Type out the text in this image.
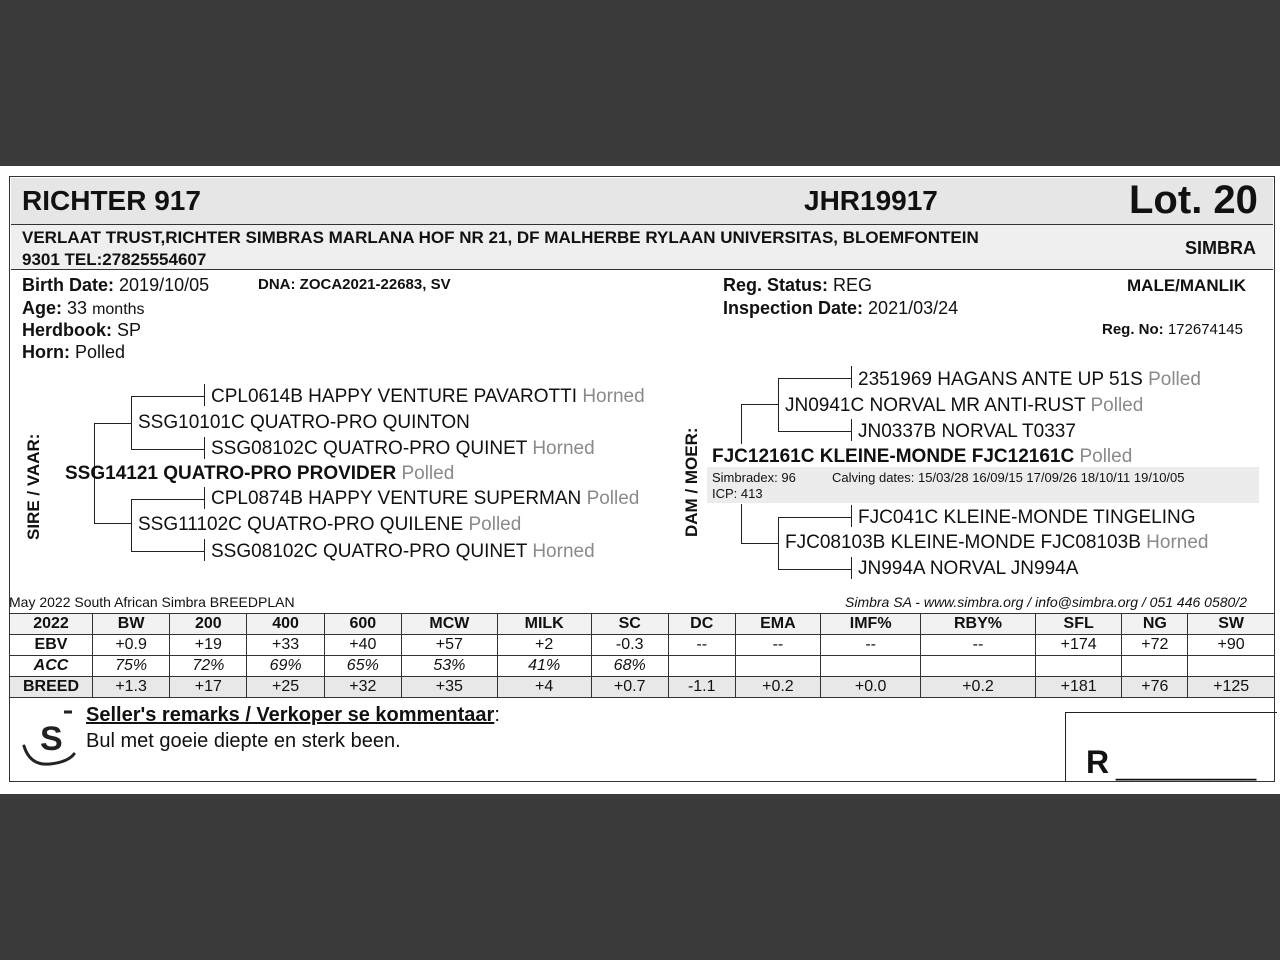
RICHTER 917	JHR19917	Lot. 20
VERLAAT TRUST,RICHTER SIMBRAS MARLANA HOF NR 21, DF MALHERBE RYLAAN UNIVERSITAS, BLOEMFONTEIN
9301 TEL:27825554607
SIMBRA
Birth Date: 2019/10/05	DNA: ZOCA2021-22683, SV
Age: 33 months
Herdbook: SP
Horn: Polled
Reg. Status: REG
Inspection Date: 2021/03/24
MALE/MANLIK
Reg. No: 172674145
SIRE / VAAR:
CPL0614B HAPPY VENTURE PAVAROTTI Horned
SSG10101C QUATRO-PRO QUINTON
SSG08102C QUATRO-PRO QUINET Horned
SSG14121 QUATRO-PRO PROVIDER Polled
CPL0874B HAPPY VENTURE SUPERMAN Polled
SSG11102C QUATRO-PRO QUILENE Polled
SSG08102C QUATRO-PRO QUINET Horned
DAM / MOER:
2351969 HAGANS ANTE UP 51S Polled
JN0941C NORVAL MR ANTI-RUST Polled
JN0337B NORVAL T0337
FJC12161C KLEINE-MONDE FJC12161C Polled
Simbradex: 96	Calving dates: 15/03/28 16/09/15 17/09/26 18/10/11 19/10/05
ICP: 413
FJC041C KLEINE-MONDE TINGELING
FJC08103B KLEINE-MONDE FJC08103B Horned
JN994A NORVAL JN994A
May 2022 South African Simbra BREEDPLAN	Simbra SA - www.simbra.org / info@simbra.org / 051 446 0580/2
2022	BW	200	400	600	MCW	MILK	SC	DC	EMA	IMF%	RBY%	SFL	NG	SW
EBV	+0.9	+19	+33	+40	+57	+2	-0.3	--	--	--	--	+174	+72	+90
ACC	75%	72%	69%	65%	53%	41%	68%							
BREED	+1.3	+17	+25	+32	+35	+4	+0.7	-1.1	+0.2	+0.0	+0.2	+181	+76	+125
S
Seller's remarks / Verkoper se kommentaar:
Bul met goeie diepte en sterk been.
R _________
